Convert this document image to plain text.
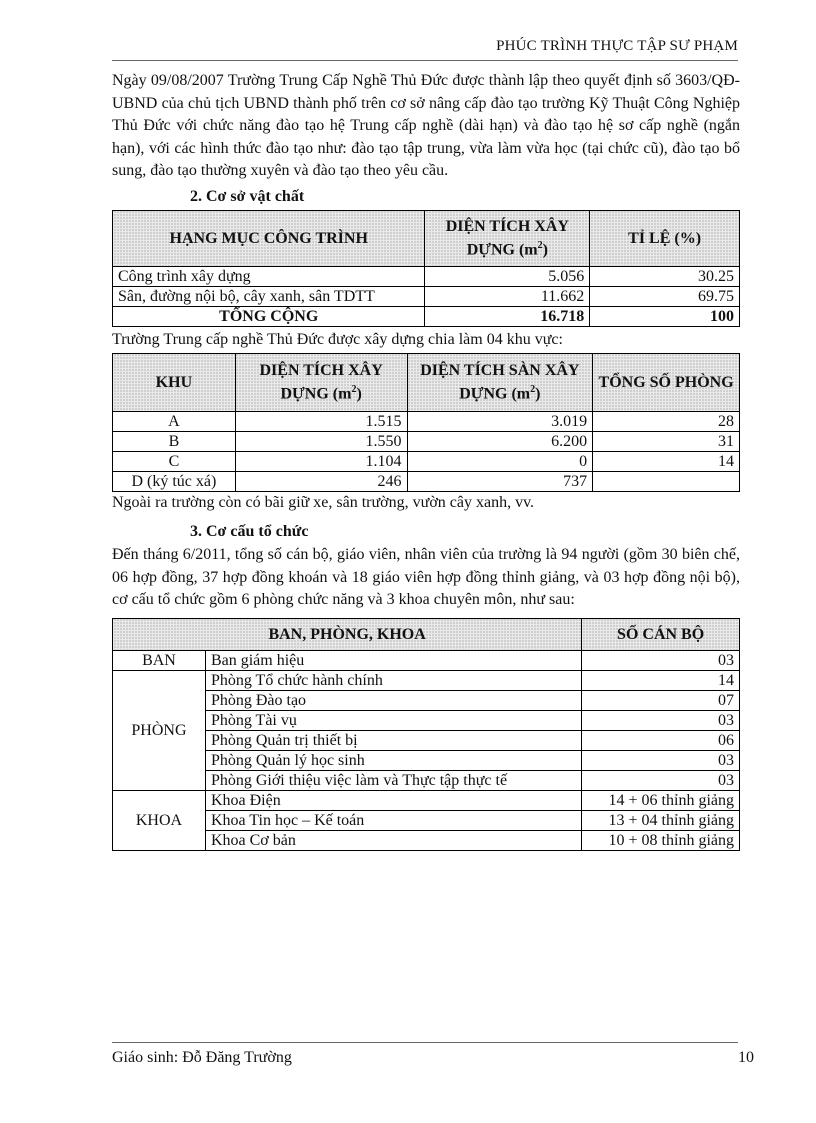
PHÚC TRÌNH THỰC TẬP SƯ PHẠM

Ngày 09/08/2007 Trường Trung Cấp Nghề Thủ Đức được thành lập theo quyết định số 3603/QĐ-UBND của chủ tịch UBND thành phố trên cơ sở nâng cấp đào tạo trường Kỹ Thuật Công Nghiệp Thủ Đức với chức năng đào tạo hệ Trung cấp nghề (dài hạn) và đào tạo hệ sơ cấp nghề (ngắn hạn), với các hình thức đào tạo như: đào tạo tập trung, vừa làm vừa học (tại chức cũ), đào tạo bổ sung, đào tạo thường xuyên và đào tạo theo yêu cầu.

2. Cơ sở vật chất
HẠNG MỤC CÔNG TRÌNH	DIỆN TÍCH XÂY DỰNG $(m^2)$	TỈ LỆ (%)
Công trình xây dựng	5.056	30.25
Sân, đường nội bộ, cây xanh, sân TDTT	11.662	69.75
TỔNG CỘNG	16.718	100

Trường Trung cấp nghề Thủ Đức được xây dựng chia làm 04 khu vực:

KHU	DIỆN TÍCH XÂY DỰNG $(m^2)$	DIỆN TÍCH SÀN XÂY DỰNG $(m^2)$	TỔNG SỐ PHÒNG
A	1.515	3.019	28
B	1.550	6.200	31
C	1.104	0	14
D (ký túc xá)	246	737	

Ngoài ra trường còn có bãi giữ xe, sân trường, vườn cây xanh, vv.

3. Cơ cấu tổ chức

Đến tháng 6/2011, tổng số cán bộ, giáo viên, nhân viên của trường là 94 người (gồm 30 biên chế, 06 hợp đồng, 37 hợp đồng khoán và 18 giáo viên hợp đồng thỉnh giảng, và 03 hợp đồng nội bộ), cơ cấu tổ chức gồm 6 phòng chức năng và 3 khoa chuyên môn, như sau:

BAN, PHÒNG, KHOA		SỐ CÁN BỘ
BAN	Ban giám hiệu	03
PHÒNG	Phòng Tổ chức hành chính	14
	Phòng Đào tạo	07
	Phòng Tài vụ	03
	Phòng Quản trị thiết bị	06
	Phòng Quản lý học sinh	03
	Phòng Giới thiệu việc làm và Thực tập thực tế	03
KHOA	Khoa Điện	14 + 06 thỉnh giảng
	Khoa Tin học – Kế toán	13 + 04 thỉnh giảng
	Khoa Cơ bản	10 + 08 thỉnh giảng
Giáo sinh: Đỗ Đăng Trường	10
